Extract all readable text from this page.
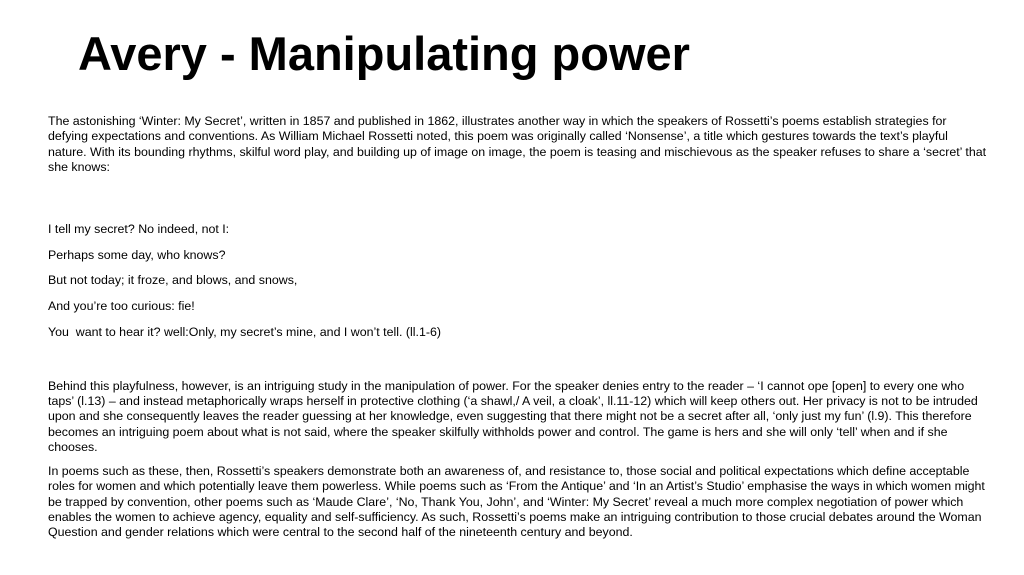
Avery - Manipulating power

The astonishing ‘Winter: My Secret’, written in 1857 and published in 1862, illustrates another way in which the speakers of Rossetti’s poems establish strategies for defying expectations and conventions. As William Michael Rossetti noted, this poem was originally called ‘Nonsense’, a title which gestures towards the text’s playful nature. With its bounding rhythms, skilful word play, and building up of image on image, the poem is teasing and mischievous as the speaker refuses to share a ‘secret’ that she knows:

I tell my secret? No indeed, not I:

Perhaps some day, who knows?

But not today; it froze, and blows, and snows,

And you’re too curious: fie!

You  want to hear it? well:Only, my secret’s mine, and I won’t tell. (ll.1-6)

Behind this playfulness, however, is an intriguing study in the manipulation of power. For the speaker denies entry to the reader – ‘I cannot ope [open] to every one who taps’ (l.13) – and instead metaphorically wraps herself in protective clothing (‘a shawl,/ A veil, a cloak’, ll.11-12) which will keep others out. Her privacy is not to be intruded upon and she consequently leaves the reader guessing at her knowledge, even suggesting that there might not be a secret after all, ‘only just my fun’ (l.9). This therefore becomes an intriguing poem about what is not said, where the speaker skilfully withholds power and control. The game is hers and she will only ‘tell’ when and if she chooses.

In poems such as these, then, Rossetti’s speakers demonstrate both an awareness of, and resistance to, those social and political expectations which define acceptable roles for women and which potentially leave them powerless. While poems such as ‘From the Antique’ and ‘In an Artist’s Studio’ emphasise the ways in which women might be trapped by convention, other poems such as ‘Maude Clare’, ‘No, Thank You, John’, and ‘Winter: My Secret’ reveal a much more complex negotiation of power which enables the women to achieve agency, equality and self-sufficiency. As such, Rossetti’s poems make an intriguing contribution to those crucial debates around the Woman Question and gender relations which were central to the second half of the nineteenth century and beyond.
